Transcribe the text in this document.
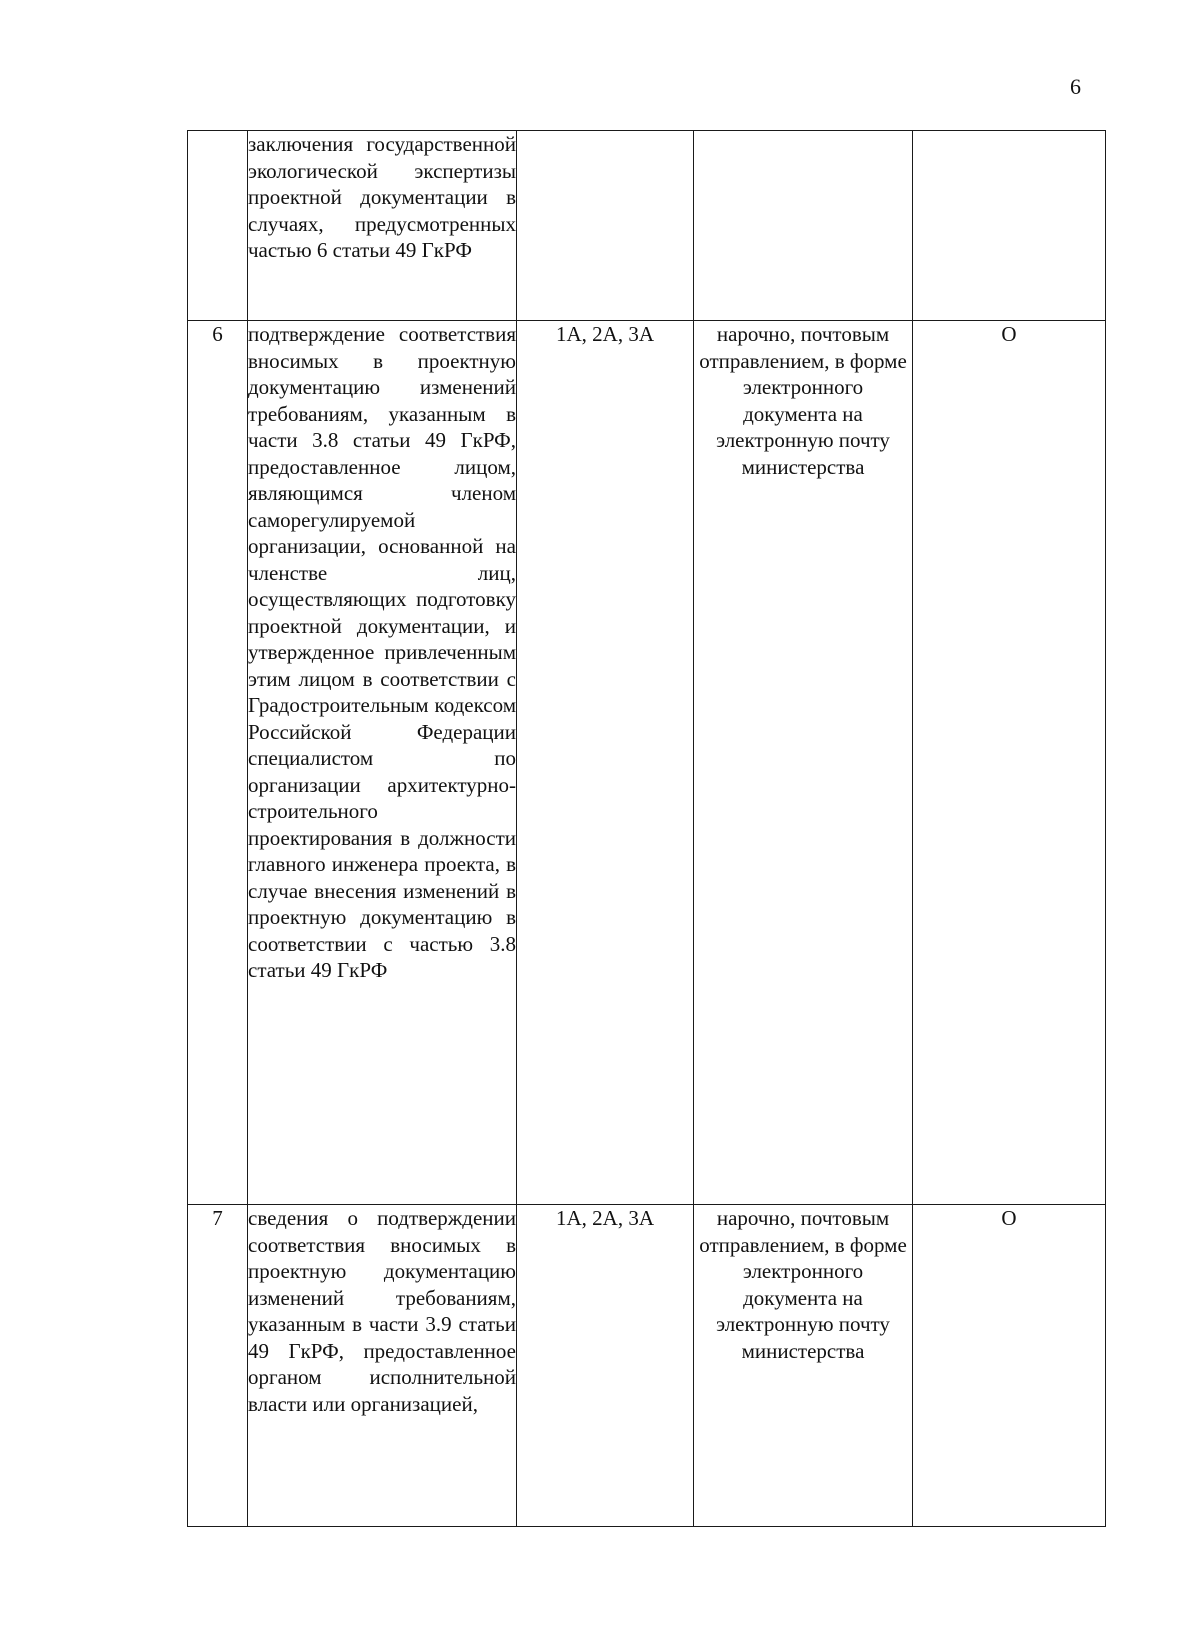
6
	заключения государственной экологической экспертизы проектной документации в случаях, предусмотренных частью 6 статьи 49 ГкРФ			
6	подтверждение соответствия вносимых в проектную документацию изменений требованиям, указанным в части 3.8 статьи 49 ГкРФ, предоставленное лицом, являющимся членом саморегулируемой организации, основанной на членстве лиц, осуществляющих подготовку проектной документации, и утвержденное привлеченным этим лицом в соответствии с Градостроительным кодексом Российской Федерации специалистом по организации архитектурно-строительного проектирования в должности главного инженера проекта, в случае внесения изменений в проектную документацию в соответствии с частью 3.8 статьи 49 ГкРФ	1А, 2А, 3А	нарочно, почтовым отправлением, в форме электронного документа на электронную почту министерства	О
7	сведения о подтверждении соответствия вносимых в проектную документацию изменений требованиям, указанным в части 3.9 статьи 49 ГкРФ, предоставленное органом исполнительной власти или организацией,	1А, 2А, 3А	нарочно, почтовым отправлением, в форме электронного документа на электронную почту министерства	О
